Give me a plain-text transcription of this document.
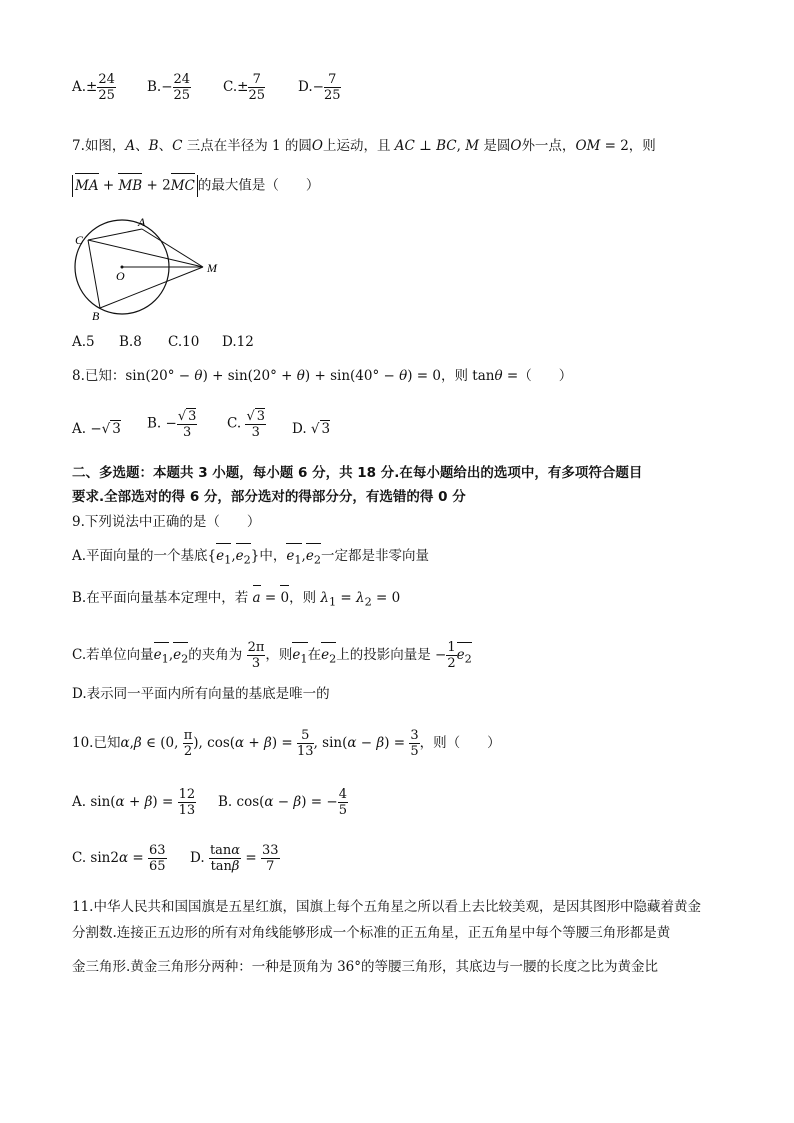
$A.\pm \frac{24}{25} B.- \frac{24}{25} C.\pm \frac{7}{25} D.- \frac{7}{25}$
7.如图，A、B、C 三点在半径为 1 的圆O上运动，且 AC ⊥ BC, M 是圆O外一点，OM = 2，则
MA + MB + 2MC 的最大值是（　　）
C
A
B
O
M
A.5 B.8 C.10 D.12
8.已知：sin(20° − θ) + sin(20° + θ) + sin(40° − θ) = 0，则 tanθ =（　　）
A. −√ 3 B. − $\frac{√ 3}{3} C$. $\frac{√ 3}{3} D$. √ 3
二、多选题：本题共 3 小题，每小题 6 分，共 18 分.在每小题给出的选项中，有多项符合题目
要求.全部选对的得 6 分，部分选对的得部分分，有选错的得 0 分
9.下列说法中正确的是（　　）
A.平面向量的一个基底$\{e_1,e_2\}$中，$e_1,e_2$一定都是非零向量
B.在平面向量基本定理中，若 a = 0，则 $\lambda_1 = \lambda_2 = 0$
C.若单位向量$e_1,e_2$的夹角为 $\frac{2\pi}{3}$ ，则$e_1$在$e_2$上的投影向量是 − $\frac{1}{2} e_2$
D.表示同一平面内所有向量的基底是唯一的
10.已知α,β ∈ (0, $\frac{\pi}{2}$ ), $\cos(\alpha + \beta) = \frac{5}{13}$ , $\sin(\alpha - \beta) = \frac{3}{5}$ ，则（　　）
A. $\sin(\alpha + \beta) = \frac{12}{13} B$. cos(α − β) = − $\frac{4}{5}$
C. $\sin 2\alpha = \frac{63}{65} D$. $\frac{\tan\alpha}{\tan\beta} = \frac{33}{7}$
11.中华人民共和国国旗是五星红旗，国旗上每个五角星之所以看上去比较美观，是因其图形中隐藏着黄金
分割数.连接正五边形的所有对角线能够形成一个标准的正五角星，正五角星中每个等腰三角形都是黄
金三角形.黄金三角形分两种：一种是顶角为 36°的等腰三角形，其底边与一腰的长度之比为黄金比
